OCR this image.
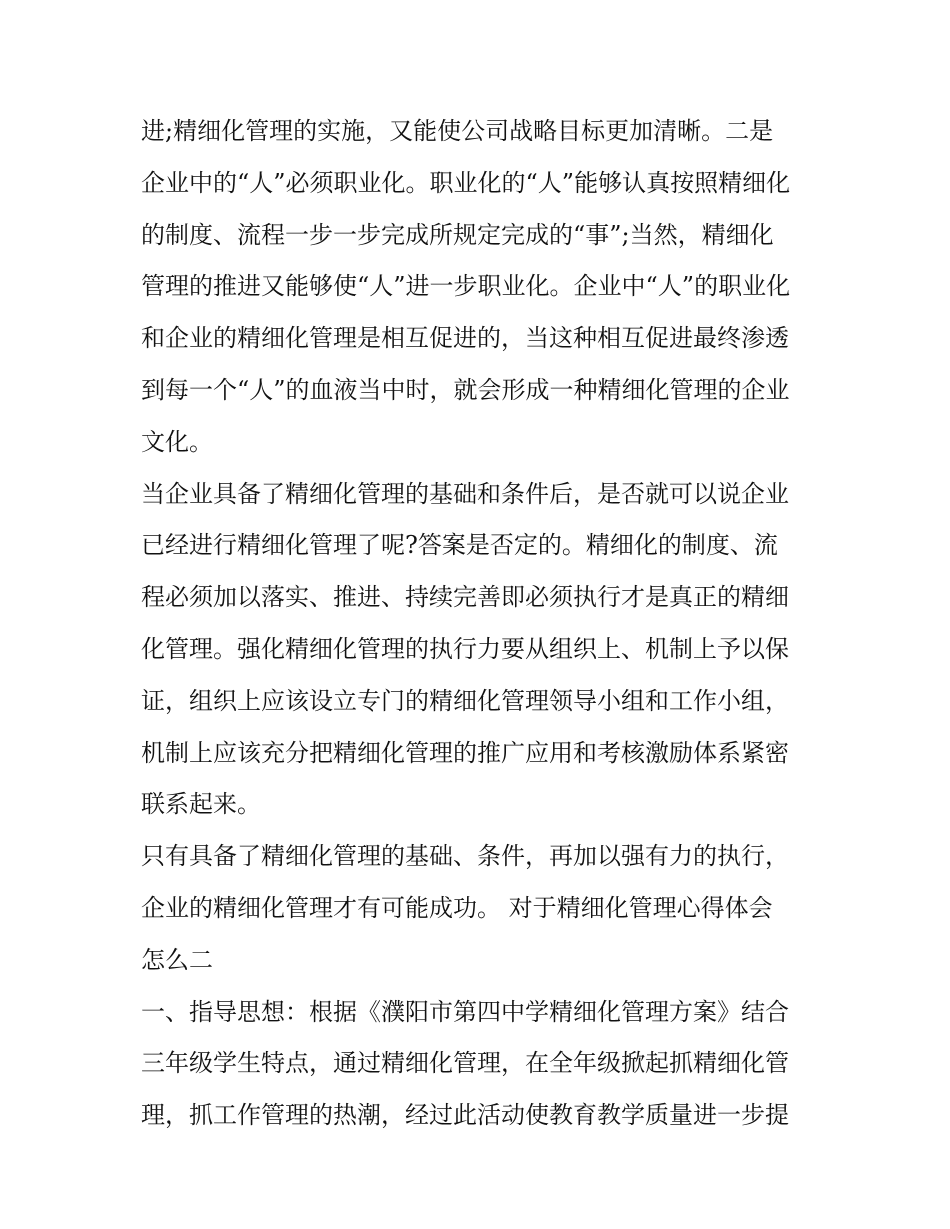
进;精细化管理的实施，又能使公司战略目标更加清晰。二是
企业中的“人”必须职业化。职业化的“人”能够认真按照精细化
的制度、流程一步一步完成所规定完成的“事”;当然，精细化
管理的推进又能够使“人”进一步职业化。企业中“人”的职业化
和企业的精细化管理是相互促进的，当这种相互促进最终渗透
到每一个“人”的血液当中时，就会形成一种精细化管理的企业
文化。
当企业具备了精细化管理的基础和条件后，是否就可以说企业
已经进行精细化管理了呢?答案是否定的。精细化的制度、流
程必须加以落实、推进、持续完善即必须执行才是真正的精细
化管理。强化精细化管理的执行力要从组织上、机制上予以保
证，组织上应该设立专门的精细化管理领导小组和工作小组，
机制上应该充分把精细化管理的推广应用和考核激励体系紧密
联系起来。
只有具备了精细化管理的基础、条件，再加以强有力的执行，
企业的精细化管理才有可能成功。 对于精细化管理心得体会
怎么二
一、指导思想：根据《濮阳市第四中学精细化管理方案》结合
三年级学生特点，通过精细化管理，在全年级掀起抓精细化管
理，抓工作管理的热潮，经过此活动使教育教学质量进一步提
